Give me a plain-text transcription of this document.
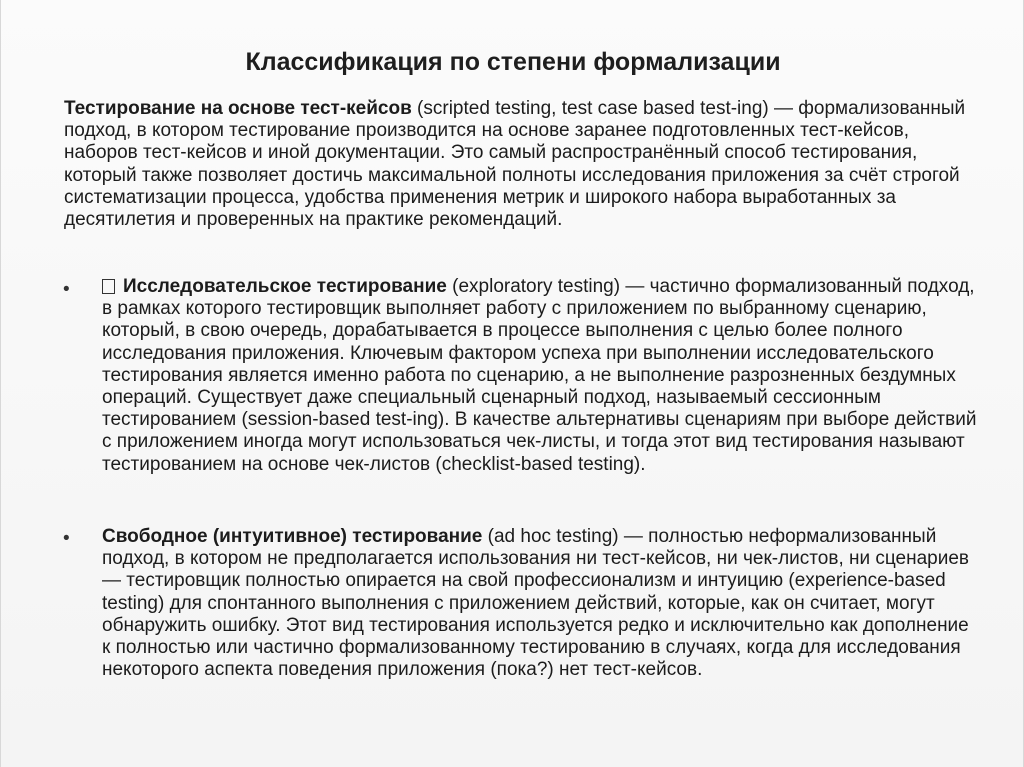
Классификация по степени формализации
Тестирование на основе тест-кейсов (scripted testing, test case based test-ing) — формализованный подход, в котором тестирование производится на основе заранее подготовленных тест-кейсов, наборов тест-кейсов и иной документации. Это самый распространённый способ тестирования, который также позволяет достичь максимальной полноты исследования приложения за счёт строгой систематизации процесса, удобства применения метрик и широкого набора выработанных за десятилетия и проверенных на практике рекомендаций.
•	Исследовательское тестирование (exploratory testing) — частично формализованный подход, в рамках которого тестировщик выполняет работу с приложением по выбранному сценарию, который, в свою очередь, дорабатывается в процессе выполнения с целью более полного исследования приложения. Ключевым фактором успеха при выполнении исследовательского тестирования является именно работа по сценарию, а не выполнение разрозненных бездумных операций. Существует даже специальный сценарный подход, называемый сессионным тестированием (session-based test-ing). В качестве альтернативы сценариям при выборе действий с приложением иногда могут использоваться чек-листы, и тогда этот вид тестирования называют тестированием на основе чек-листов (checklist-based testing).
• Свободное (интуитивное) тестирование (ad hoc testing) — полностью неформализованный подход, в котором не предполагается использования ни тест-кейсов, ни чек-листов, ни сценариев — тестировщик полностью опирается на свой профессионализм и интуицию (experience-based testing) для спонтанного выполнения с приложением действий, которые, как он считает, могут обнаружить ошибку. Этот вид тестирования используется редко и исключительно как дополнение к полностью или частично формализованному тестированию в случаях, когда для исследования некоторого аспекта поведения приложения (пока?) нет тест-кейсов.
